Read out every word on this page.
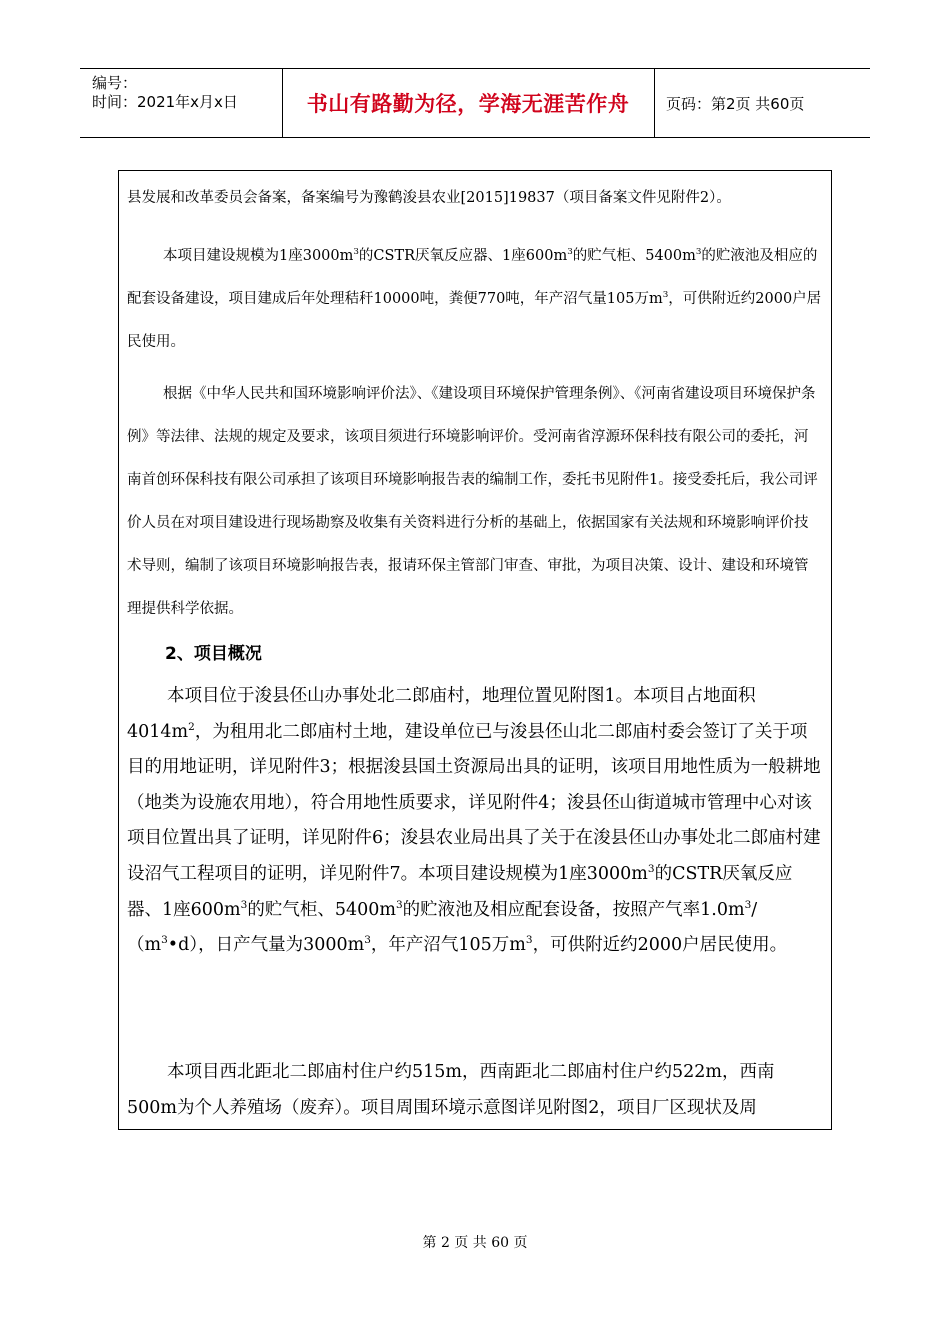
编号：
时间：2021年x月x日	书山有路勤为径，学海无涯苦作舟 页码：第2页 共60页

县发展和改革委员会备案，备案编号为豫鹤浚县农业[2015]19837（项目备案文件见附件2）。

本项目建设规模为1座$3000m^3$的CSTR厌氧反应器、1座$600m^3$的贮气柜、$5400m^3$的贮液池及相应的配套设备建设，项目建成后年处理秸秆10000吨，粪便770吨，年产沼气量105万$m^3$，可供附近约2000户居民使用。

根据《中华人民共和国环境影响评价法》、《建设项目环境保护管理条例》、《河南省建设项目环境保护条例》等法律、法规的规定及要求，该项目须进行环境影响评价。受河南省淳源环保科技有限公司的委托，河南首创环保科技有限公司承担了该项目环境影响报告表的编制工作，委托书见附件1。接受委托后，我公司评价人员在对项目建设进行现场勘察及收集有关资料进行分析的基础上，依据国家有关法规和环境影响评价技术导则，编制了该项目环境影响报告表，报请环保主管部门审查、审批，为项目决策、设计、建设和环境管理提供科学依据。

2、项目概况

本项目位于浚县伾山办事处北二郎庙村，地理位置见附图1。本项目占地面积$4014m^2$，为租用北二郎庙村土地，建设单位已与浚县伾山北二郎庙村委会签订了关于项目的用地证明，详见附件3；根据浚县国土资源局出具的证明，该项目用地性质为一般耕地（地类为设施农用地），符合用地性质要求，详见附件4；浚县伾山街道城市管理中心对该项目位置出具了证明，详见附件6；浚县农业局出具了关于在浚县伾山办事处北二郎庙村建设沼气工程项目的证明，详见附件7。本项目建设规模为1座$3000m^3$的CSTR厌氧反应器、1座$600m^3$的贮气柜、$5400m^3$的贮液池及相应配套设备，按照产气率$1.0m^3/(m^3•d)$，日产气量为$3000m^3$，年产沼气105万$m^3$，可供附近约2000户居民使用。

本项目西北距北二郎庙村住户约515m，西南距北二郎庙村住户约522m，西南500m为个人养殖场（废弃）。项目周围环境示意图详见附图2，项目厂区现状及周

第 2 页 共 60 页
